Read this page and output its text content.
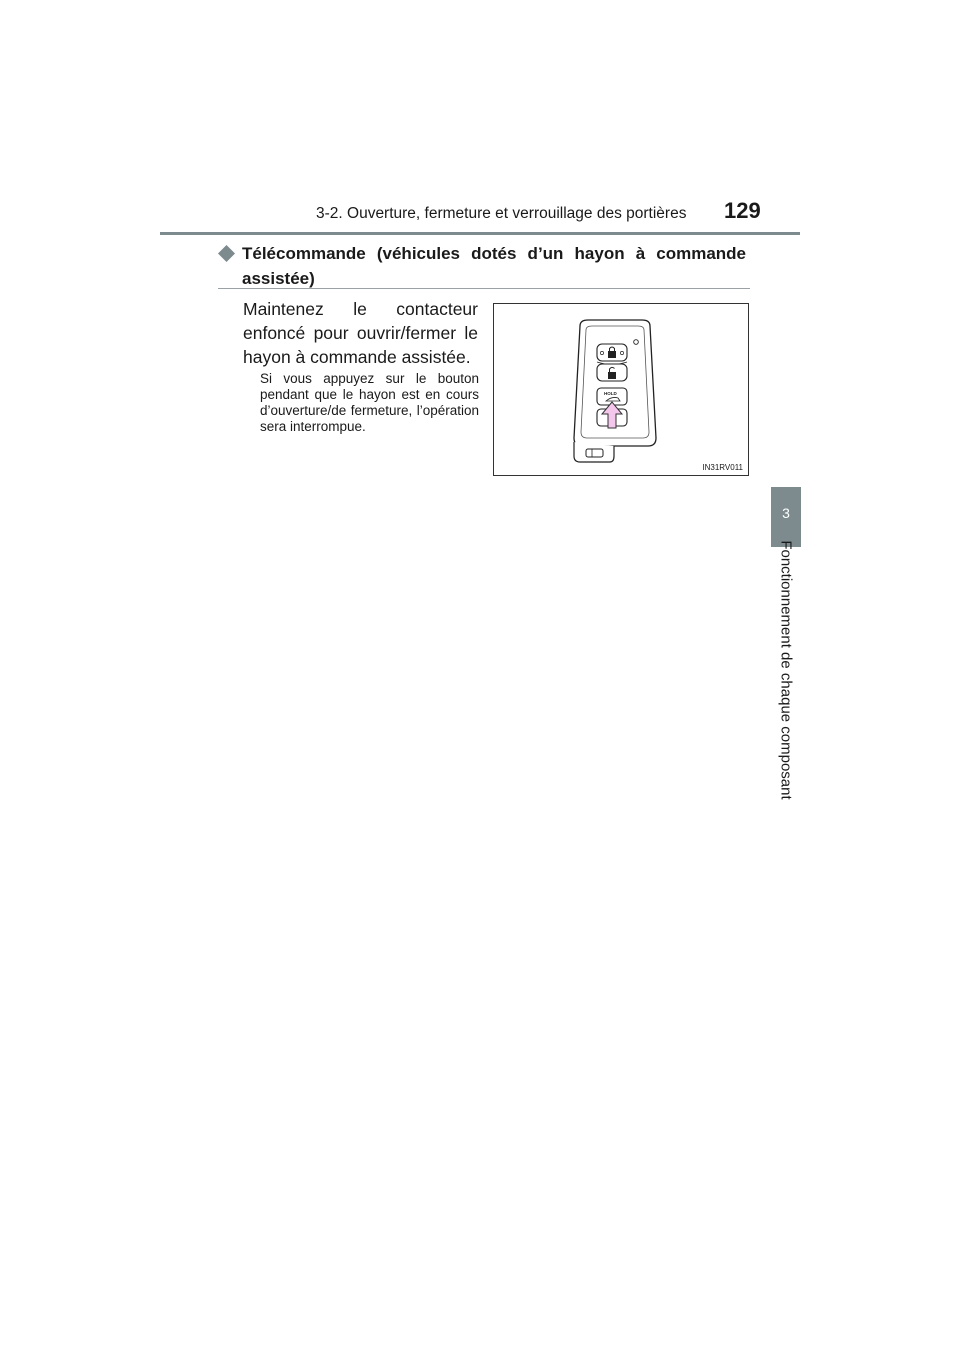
3-2. Ouverture, fermeture et verrouillage des portières 129
3
Fonctionnement de chaque composant
Télécommande (véhicules dotés d’un hayon à commande
assistée)
Maintenez le contacteur enfoncé pour ouvrir/fermer le hayon à commande assistée.
Si vous appuyez sur le bouton pendant que le hayon est en cours d’ouverture/de fermeture, l’opération sera interrompue.
HOLD
IN31RV011
